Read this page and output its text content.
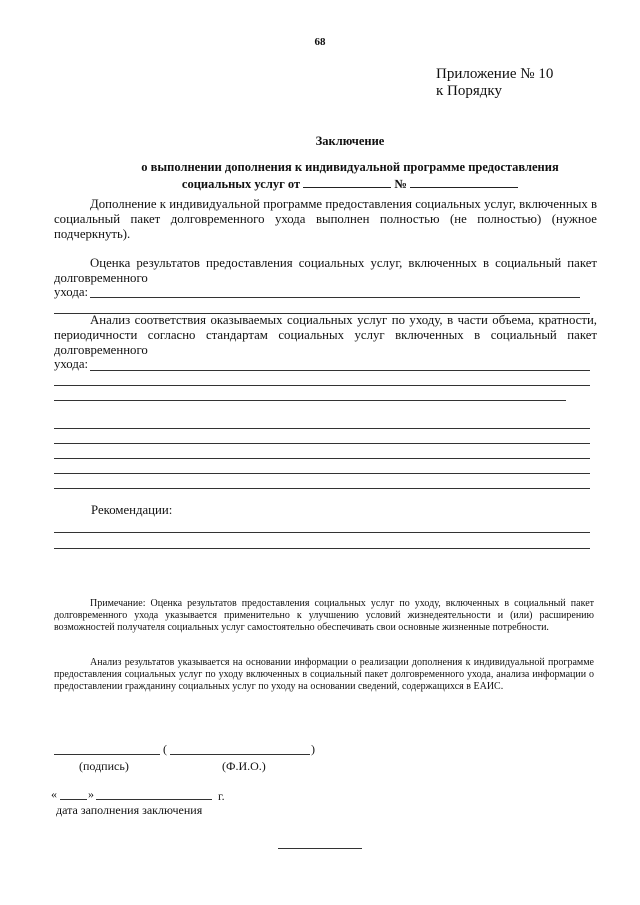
68
Приложение № 10
к Порядку
Заключение
о выполнении дополнения к индивидуальной программе предоставления
социальных услуг от	№
Дополнение к индивидуальной программе предоставления социальных услуг, включенных в социальный пакет долговременного ухода выполнен полностью (не полностью) (нужное подчеркнуть).
Оценка результатов предоставления социальных услуг, включенных в социальный пакет долговременного
ухода:
Анализ соответствия оказываемых социальных услуг по уходу, в части объема, кратности, периодичности согласно стандартам социальных услуг включенных в социальный пакет долговременного
ухода:
Рекомендации:
Примечание: Оценка результатов предоставления социальных услуг по уходу, включенных в социальный пакет долговременного ухода указывается применительно к улучшению условий жизнедеятельности и (или) расширению возможностей получателя социальных услуг самостоятельно обеспечивать свои основные жизненные потребности.
Анализ результатов указывается на основании информации о реализации дополнения к индивидуальной программе предоставления социальных услуг по уходу включенных в социальный пакет долговременного ухода, анализа информации о предоставлении гражданину социальных услуг по уходу на основании сведений, содержащихся в ЕАИС.
(	)
(подпись)	(Ф.И.О.)
«	»	г.
дата заполнения заключения
